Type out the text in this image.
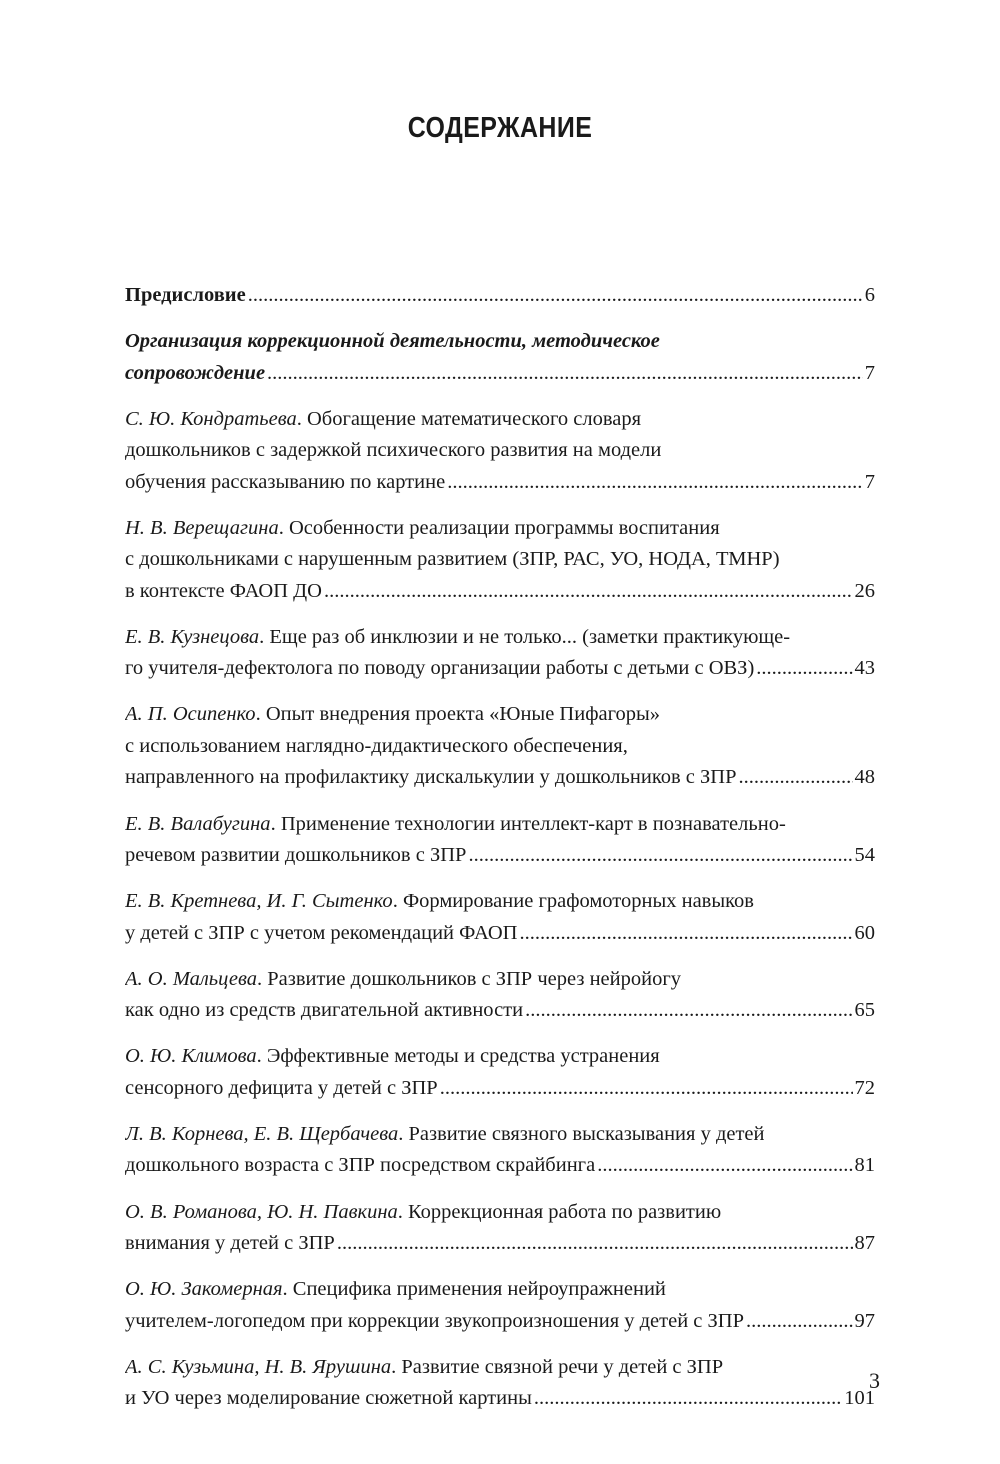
СОДЕРЖАНИЕ
Предисловие .....	6
Организация коррекционной деятельности, методическое
сопровождение .....	7
С. Ю. Кондратьева. Обогащение математического словаря
дошкольников с задержкой психического развития на модели
обучения рассказыванию по картине .....	7
Н. В. Верещагина. Особенности реализации программы воспитания
с дошкольниками с нарушенным развитием (ЗПР, РАС, УО, НОДА, ТМНР)
в контексте ФАОП ДО .....	26
Е. В. Кузнецова. Еще раз об инклюзии и не только... (заметки практикующе-
го учителя-дефектолога по поводу организации работы с детьми с ОВЗ) .....	43
А. П. Осипенко. Опыт внедрения проекта «Юные Пифагоры»
с использованием наглядно-дидактического обеспечения,
направленного на профилактику дискалькулии у дошкольников с ЗПР .....	48
Е. В. Валабугина. Применение технологии интеллект-карт в познавательно-
речевом развитии дошкольников с ЗПР .....	54
Е. В. Кретнева, И. Г. Сытенко. Формирование графомоторных навыков
у детей с ЗПР с учетом рекомендаций ФАОП .....	60
А. О. Мальцева. Развитие дошкольников с ЗПР через нейройогу
как одно из средств двигательной активности .....	65
О. Ю. Климова. Эффективные методы и средства устранения
сенсорного дефицита у детей с ЗПР .....	72
Л. В. Корнева, Е. В. Щербачева. Развитие связного высказывания у детей
дошкольного возраста с ЗПР посредством скрайбинга .....	81
О. В. Романова, Ю. Н. Павкина. Коррекционная работа по развитию
внимания у детей с ЗПР .....	87
О. Ю. Закомерная. Специфика применения нейроупражнений
учителем-логопедом при коррекции звукопроизношения у детей с ЗПР .....	97
А. С. Кузьмина, Н. В. Ярушина. Развитие связной речи у детей с ЗПР
и УО через моделирование сюжетной картины .....	101
3
